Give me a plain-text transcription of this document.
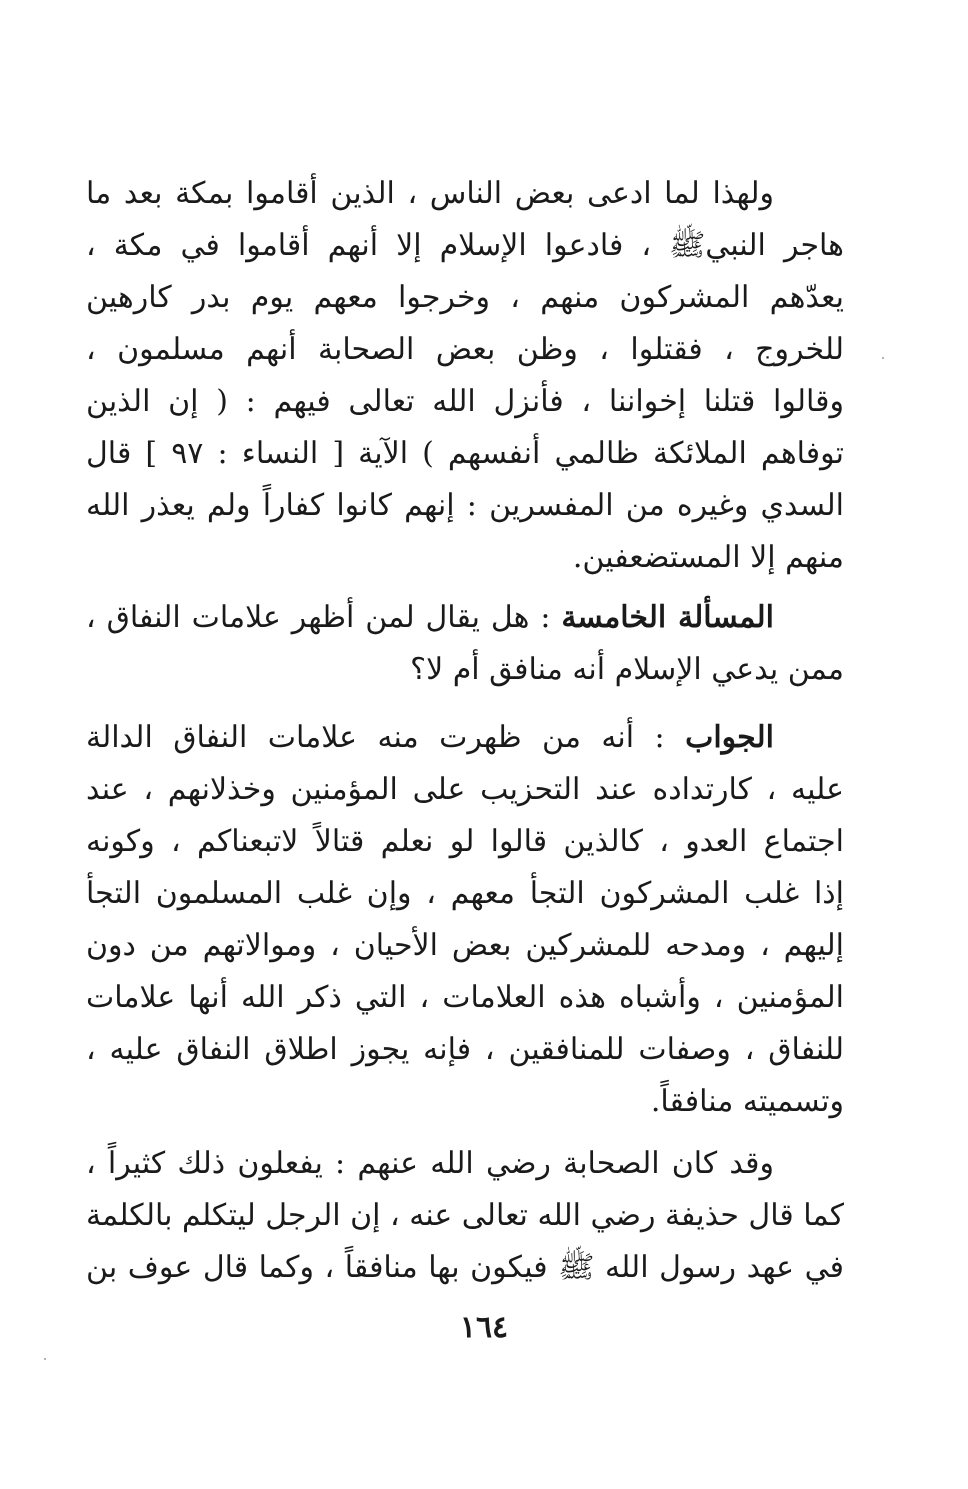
ولهذا لما ادعى بعض الناس ، الذين أقاموا بمكة بعد ما
هاجر النبيﷺ ، فادعوا الإسلام إلا أنهم أقاموا في مكة ،
يعدّهم المشركون منهم ، وخرجوا معهم يوم بدر كارهين
للخروج ، فقتلوا ، وظن بعض الصحابة أنهم مسلمون ،
وقالوا قتلنا إخواننا ، فأنزل الله تعالى فيهم : ( إن الذين
توفاهم الملائكة ظالمي أنفسهم ) الآية [ النساء : ٩٧ ] قال
السدي وغيره من المفسرين : إنهم كانوا كفاراً ولم يعذر الله
منهم إلا المستضعفين.
المسألة الخامسة : هل يقال لمن أظهر علامات النفاق ،
ممن يدعي الإسلام أنه منافق أم لا؟
الجواب : أنه من ظهرت منه علامات النفاق الدالة
عليه ، كارتداده عند التحزيب على المؤمنين وخذلانهم ، عند
اجتماع العدو ، كالذين قالوا لو نعلم قتالاً لاتبعناكم ، وكونه
إذا غلب المشركون التجأ معهم ، وإن غلب المسلمون التجأ
إليهم ، ومدحه للمشركين بعض الأحيان ، وموالاتهم من دون
المؤمنين ، وأشباه هذه العلامات ، التي ذكر الله أنها علامات
للنفاق ، وصفات للمنافقين ، فإنه يجوز اطلاق النفاق عليه ،
وتسميته منافقاً.
وقد كان الصحابة رضي الله عنهم : يفعلون ذلك كثيراً ،
كما قال حذيفة رضي الله تعالى عنه ، إن الرجل ليتكلم بالكلمة
في عهد رسول الله ﷺ فيكون بها منافقاً ، وكما قال عوف بن
١٦٤
